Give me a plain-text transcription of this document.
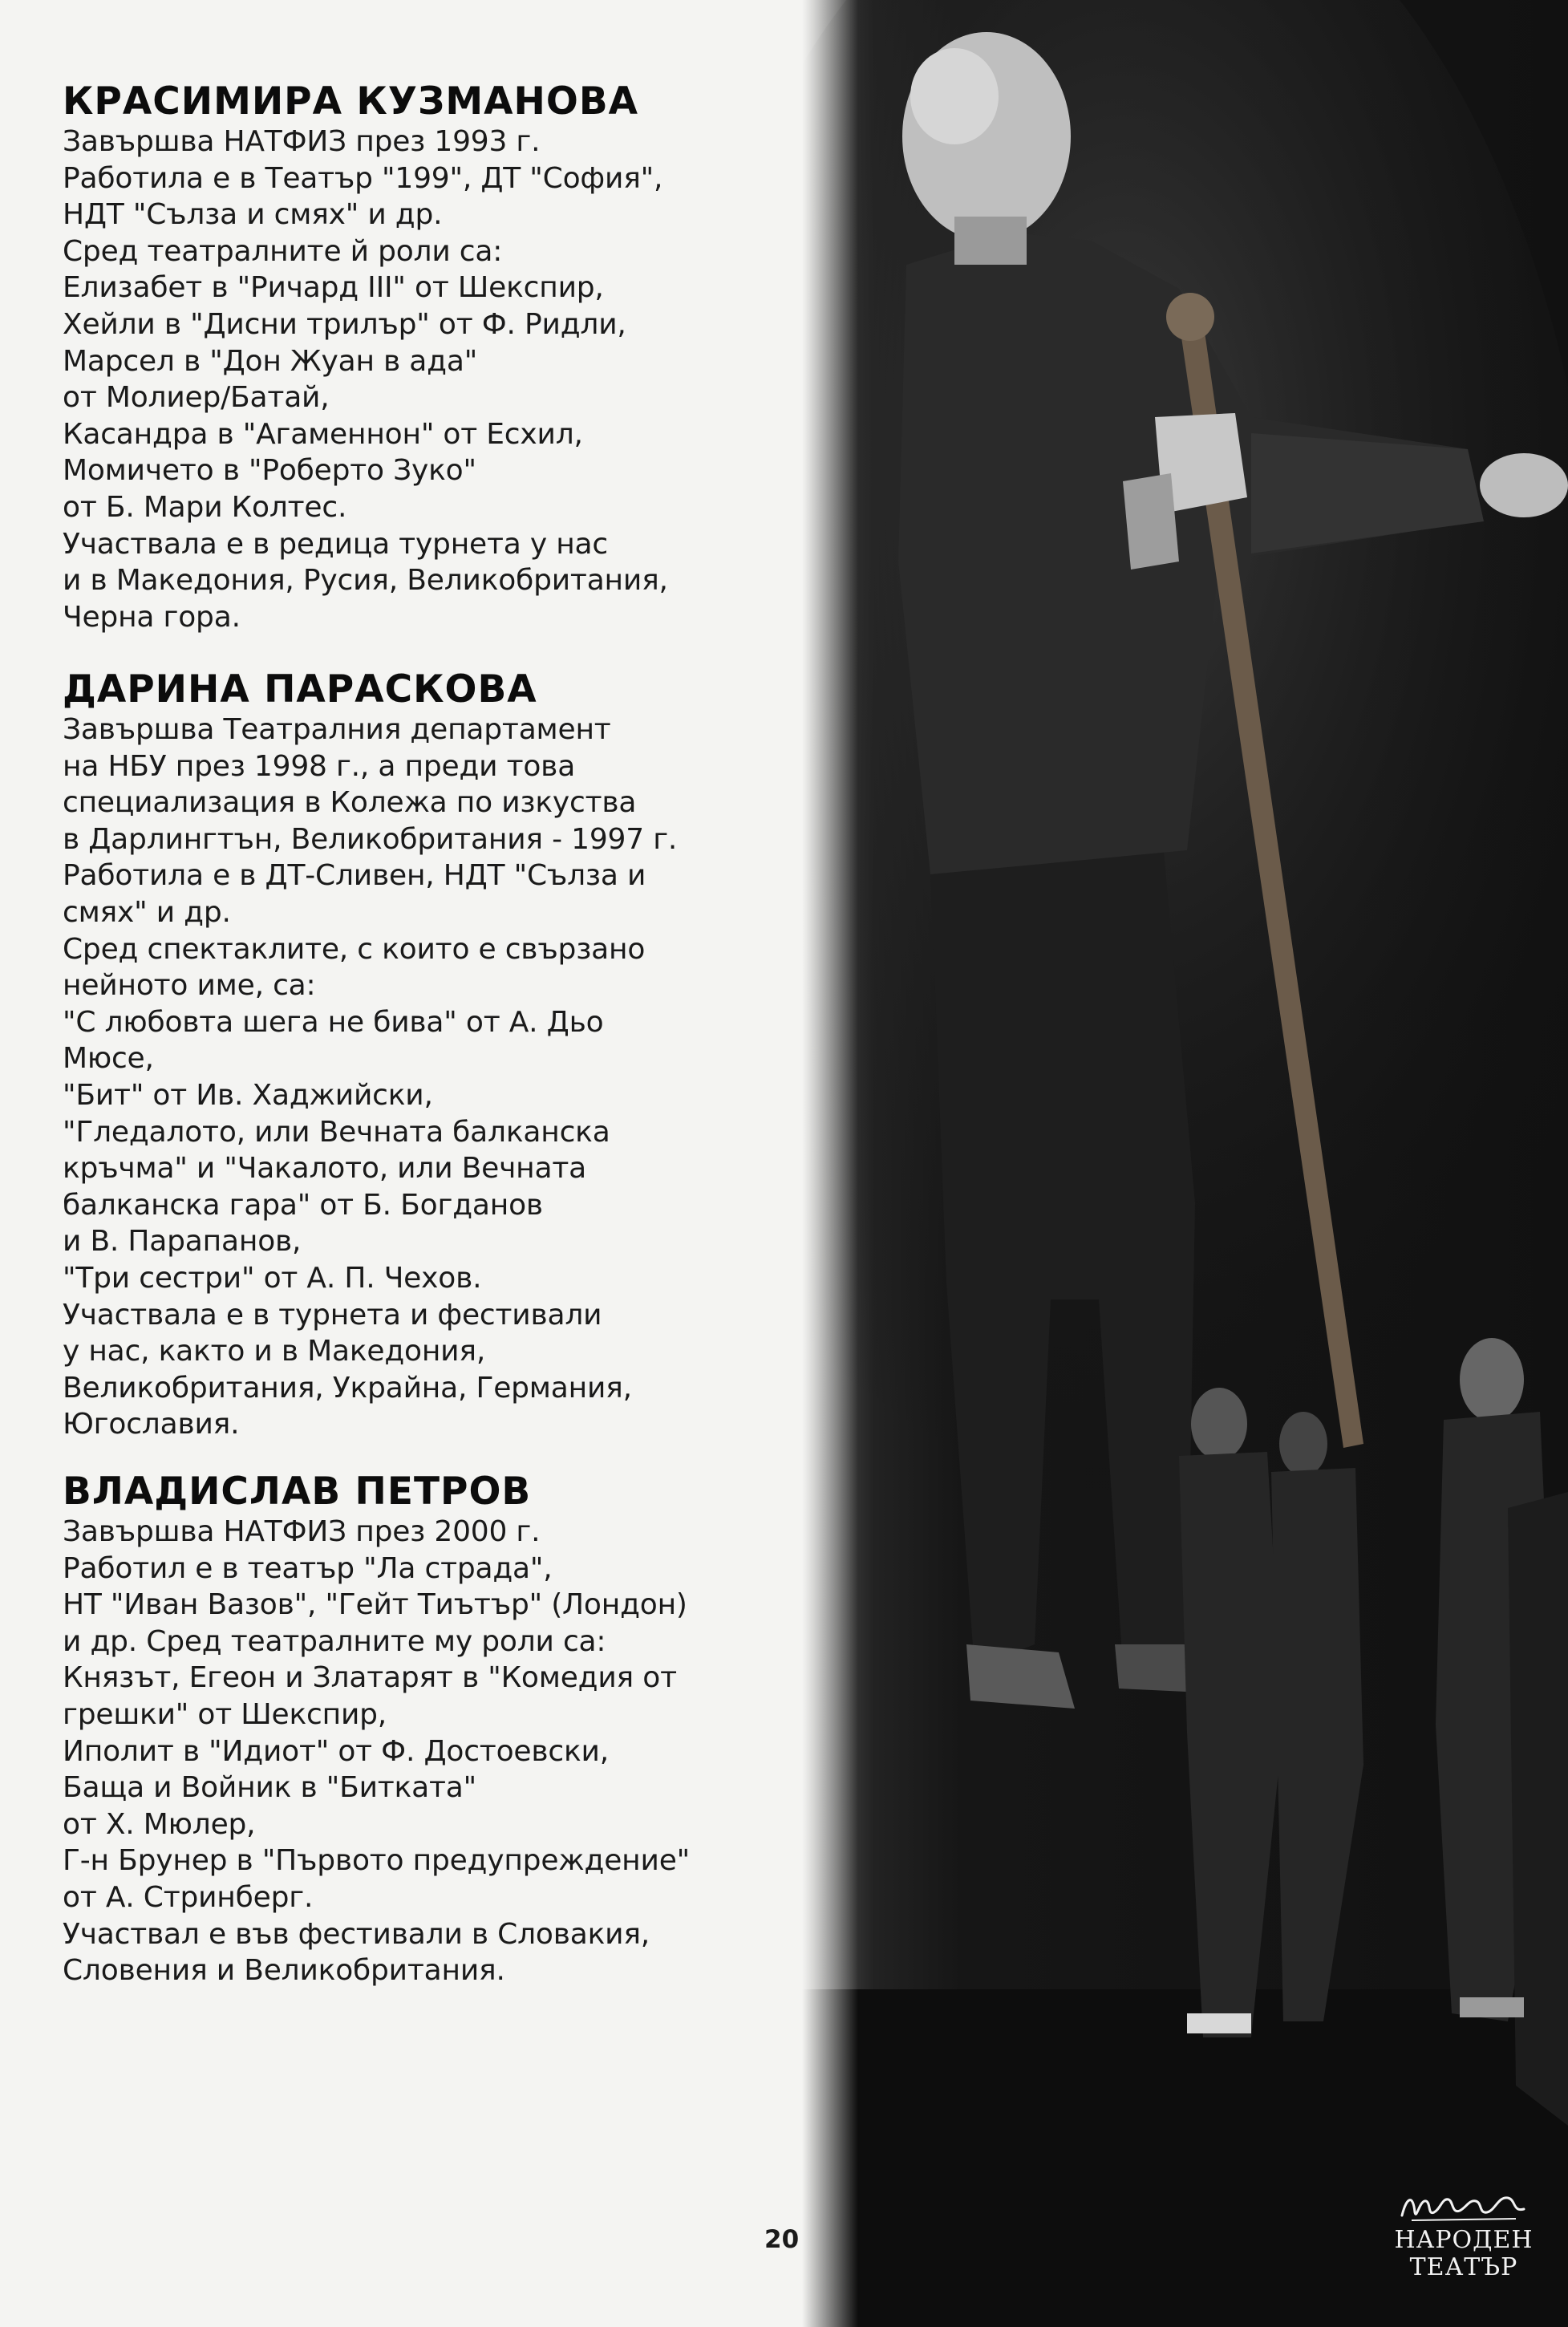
КРАСИМИРА КУЗМАНОВА
Завършва НАТФИЗ през 1993 г.
Работила е в Театър "199", ДТ "София",
НДТ "Сълза и смях" и др.
Сред театралните й роли са:
Елизабет в "Ричард III" от Шекспир,
Хейли в "Дисни трилър" от Ф. Ридли,
Марсел в "Дон Жуан в ада"
от Молиер/Батай,
Касандра в "Агаменнон" от Есхил,
Момичето в "Роберто Зуко"
от Б. Мари Колтес.
Участвала е в редица турнета у нас
и в Македония, Русия, Великобритания,
Черна гора.
ДАРИНА ПАРАСКОВА
Завършва Театралния департамент
на НБУ през 1998 г., а преди това
специализация в Колежа по изкуства
в Дарлингтън, Великобритания - 1997 г.
Работила е в ДТ-Сливен, НДТ "Сълза и
смях" и др.
Сред спектаклите, с които е свързано
нейното име, са:
"С любовта шега не бива" от А. Дьо
Мюсе,
"Бит" от Ив. Хаджийски,
"Гледалото, или Вечната балканска
кръчма" и "Чакалото, или Вечната
балканска гара" от Б. Богданов
и В. Парапанов,
"Три сестри" от А. П. Чехов.
Участвала е в турнета и фестивали
у нас, както и в Македония,
Великобритания, Украйна, Германия,
Югославия.
ВЛАДИСЛАВ ПЕТРОВ
Завършва НАТФИЗ през 2000 г.
Работил е в театър "Ла страда",
НТ "Иван Вазов", "Гейт Тиътър" (Лондон)
и др. Сред театралните му роли са:
Князът, Егеон и Златарят в "Комедия от
грешки" от Шекспир,
Иполит в "Идиот" от Ф. Достоевски,
Баща и Войник в "Битката"
от Х. Мюлер,
Г-н Брунер в "Първото предупреждение"
от А. Стринберг.
Участвал е във фестивали в Словакия,
Словения и Великобритания.
20	НАРОДЕН
ТЕАТЪР
